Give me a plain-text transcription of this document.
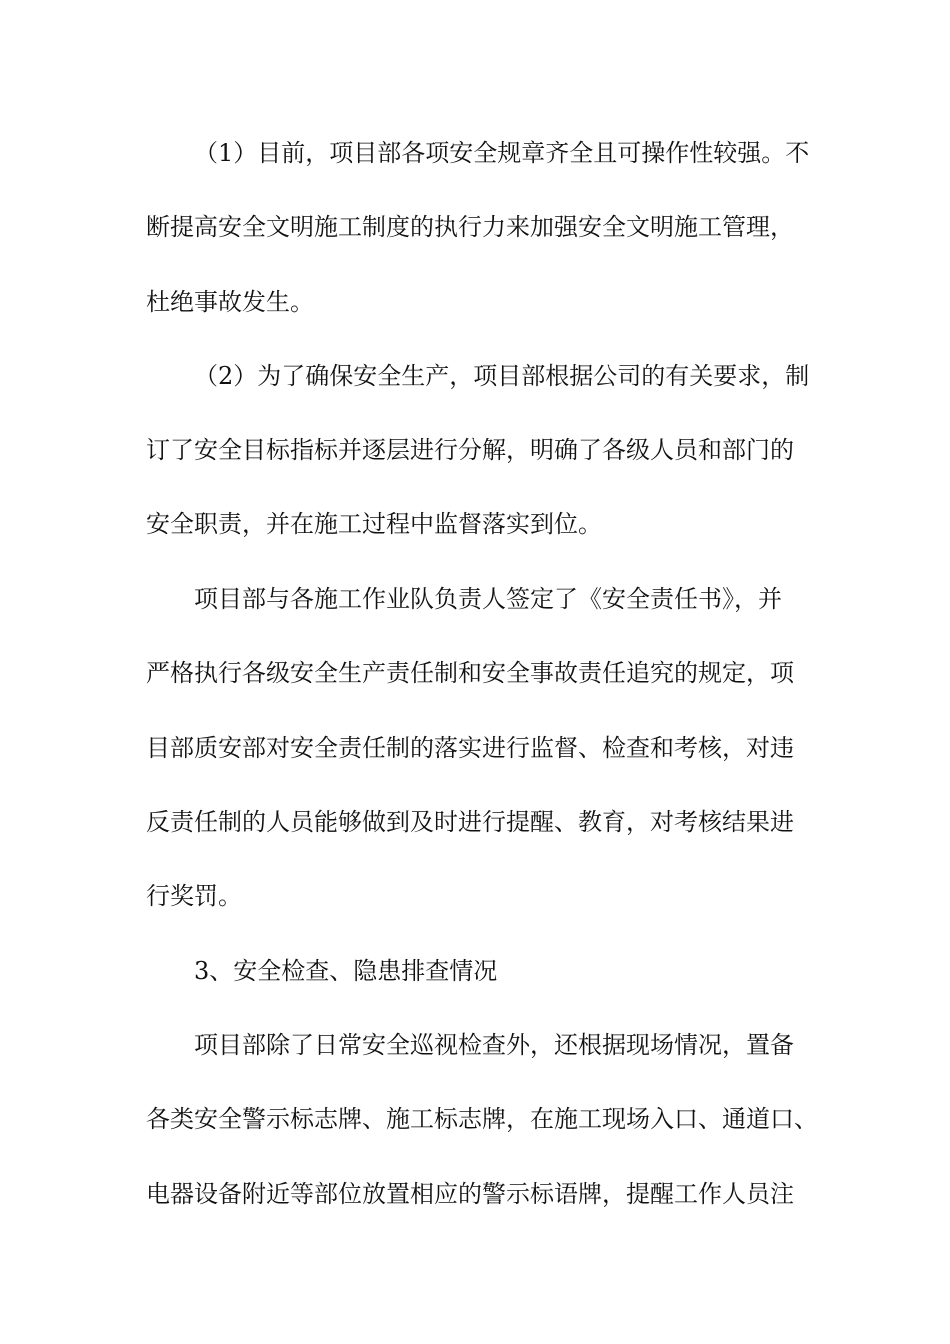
（1）目前，项目部各项安全规章齐全且可操作性较强。不
断提高安全文明施工制度的执行力来加强安全文明施工管理，
杜绝事故发生。
（2）为了确保安全生产，项目部根据公司的有关要求，制
订了安全目标指标并逐层进行分解，明确了各级人员和部门的
安全职责，并在施工过程中监督落实到位。
项目部与各施工作业队负责人签定了《安全责任书》，并
严格执行各级安全生产责任制和安全事故责任追究的规定，项
目部质安部对安全责任制的落实进行监督、检查和考核，对违
反责任制的人员能够做到及时进行提醒、教育，对考核结果进
行奖罚。
3、安全检查、隐患排查情况
项目部除了日常安全巡视检查外，还根据现场情况，置备
各类安全警示标志牌、施工标志牌，在施工现场入口、通道口、
电器设备附近等部位放置相应的警示标语牌，提醒工作人员注
